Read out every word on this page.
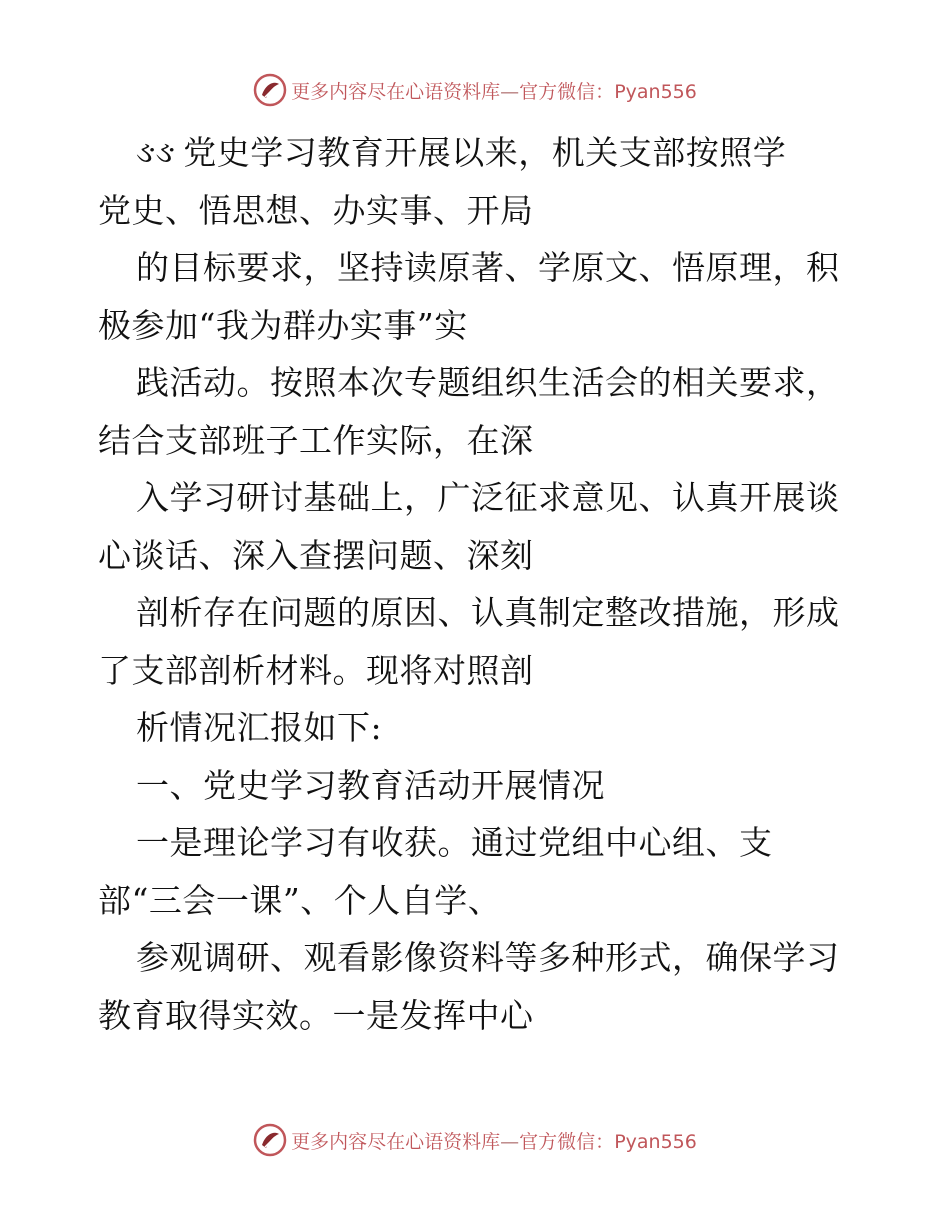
更多内容尽在心语资料库—官方微信：Pyan556
ઙઙ 党史学习教育开展以来，机关支部按照学
党史、悟思想、办实事、开局
的目标要求，坚持读原著、学原文、悟原理，积
极参加“我为群办实事”实
践活动。按照本次专题组织生活会的相关要求，
结合支部班子工作实际，在深
入学习研讨基础上，广泛征求意见、认真开展谈
心谈话、深入查摆问题、深刻
剖析存在问题的原因、认真制定整改措施，形成
了支部剖析材料。现将对照剖
析情况汇报如下:
一、党史学习教育活动开展情况
一是理论学习有收获。通过党组中心组、支
部“三会一课”、个人自学、
参观调研、观看影像资料等多种形式，确保学习
教育取得实效。一是发挥中心
更多内容尽在心语资料库—官方微信：Pyan556
